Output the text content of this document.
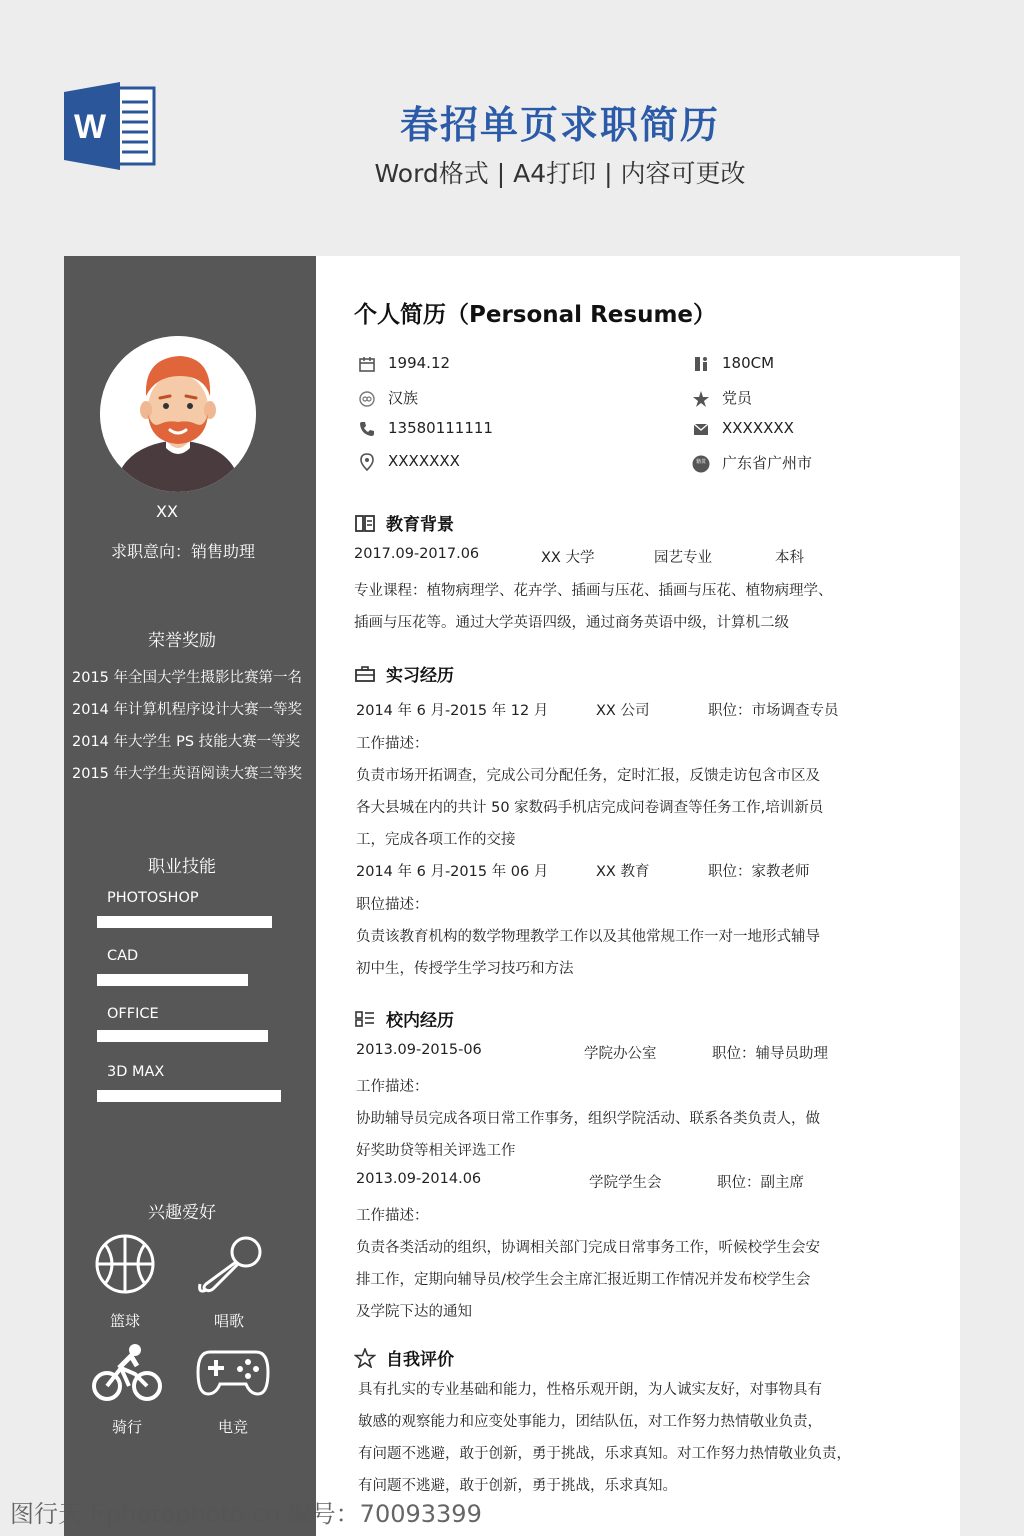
W	春招单页求职简历
Word格式 | A4打印 | 内容可更改
XX
求职意向：销售助理
荣誉奖励
2015 年全国大学生摄影比赛第一名
2014 年计算机程序设计大赛一等奖
2014 年大学生 PS 技能大赛一等奖
2015 年大学生英语阅读大赛三等奖
职业技能
PHOTOSHOP
CAD
OFFICE
3D MAX
兴趣爱好
篮球	唱歌
骑行	电竞
个人简历（Personal Resume）
1994.12	180CM
汉族	党员
13580111111	XXXXXXX
XXXXXXX	广东省广州市
籍贯
教育背景
2017.09-2017.06	XX 大学	园艺专业	本科
专业课程：植物病理学、花卉学、插画与压花、插画与压花、植物病理学、
插画与压花等。通过大学英语四级，通过商务英语中级，计算机二级
实习经历
2014 年 6 月-2015 年 12 月	XX 公司	职位：市场调查专员
工作描述：
负责市场开拓调查，完成公司分配任务，定时汇报，反馈走访包含市区及
各大县城在内的共计 50 家数码手机店完成问卷调查等任务工作,培训新员
工，完成各项工作的交接
2014 年 6 月-2015 年 06 月	XX 教育	职位：家教老师
职位描述：
负责该教育机构的数学物理教学工作以及其他常规工作一对一地形式辅导
初中生，传授学生学习技巧和方法
校内经历
2013.09-2015-06	学院办公室	职位：辅导员助理
工作描述：
协助辅导员完成各项日常工作事务，组织学院活动、联系各类负责人，做
好奖助贷等相关评选工作
2013.09-2014.06	学院学生会	职位：副主席
工作描述：
负责各类活动的组织，协调相关部门完成日常事务工作，听候校学生会安
排工作，定期向辅导员/校学生会主席汇报近期工作情况并发布校学生会
及学院下达的通知
自我评价
具有扎实的专业基础和能力，性格乐观开朗，为人诚实友好，对事物具有
敏感的观察能力和应变处事能力，团结队伍，对工作努力热情敬业负责，
有问题不逃避，敢于创新，勇于挑战，乐求真知。对工作努力热情敬业负责，
有问题不逃避，敢于创新，勇于挑战，乐求真知。
图行天下photophoto.cn 编号：70093399
